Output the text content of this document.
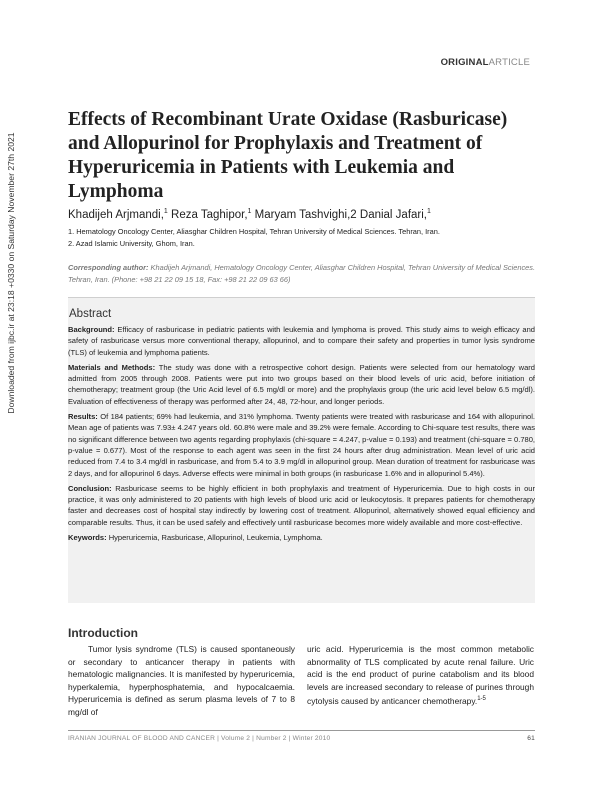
Downloaded from ijbc.ir at 23:18 +0330 on Saturday November 27th 2021
ORIGINALARTICLE
Effects of Recombinant Urate Oxidase (Rasburicase) and Allopurinol for Prophylaxis and Treatment of Hyperuricemia in Patients with Leukemia and Lymphoma
Khadijeh Arjmandi,$^1$ Reza Taghipor,$^1$ Maryam Tashvighi,2 Danial Jafari,$^1$
1. Hematology Oncology Center, Aliasghar Children Hospital, Tehran University of Medical Sciences. Tehran, Iran.
2. Azad Islamic University, Ghom, Iran.
Corresponding author: Khadijeh Arjmandi, Hematology Oncology Center, Aliasghar Children Hospital, Tehran University of Medical Sciences. Tehran, Iran. (Phone: +98 21 22 09 15 18, Fax: +98 21 22 09 63 66)
Abstract

Background: Efficacy of rasburicase in pediatric patients with leukemia and lymphoma is proved. This study aims to weigh efficacy and safety of rasburicase versus more conventional therapy, allopurinol, and to compare their safety and properties in tumor lysis syndrome (TLS) of leukemia and lymphoma patients.

Materials and Methods: The study was done with a retrospective cohort design. Patients were selected from our hematology ward admitted from 2005 through 2008. Patients were put into two groups based on their blood levels of uric acid, before initiation of chemotherapy; treatment group (the Uric Acid level of 6.5 mg/dl or more) and the prophylaxis group (the uric acid level below 6.5 mg/dl). Evaluation of effectiveness of therapy was performed after 24, 48, 72-hour, and longer periods.

Results: Of 184 patients; 69% had leukemia, and 31% lymphoma. Twenty patients were treated with rasburicase and 164 with allopurinol. Mean age of patients was 7.93± 4.247 years old. 60.8% were male and 39.2% were female. According to Chi-square test results, there was no significant difference between two agents regarding prophylaxis (chi-square = 4.247, p-value = 0.193) and treatment (chi-square = 0.780, p-value = 0.677). Most of the response to each agent was seen in the first 24 hours after drug administration. Mean level of uric acid reduced from 7.4 to 3.4 mg/dl in rasburicase, and from 5.4 to 3.9 mg/dl in allopurinol group. Mean duration of treatment for rasburicase was 2 days, and for allopurinol 6 days. Adverse effects were minimal in both groups (in rasburicase 1.6% and in allopurinol 5.4%).

Conclusion: Rasburicase seems to be highly efficient in both prophylaxis and treatment of Hyperuricemia. Due to high costs in our practice, it was only administered to 20 patients with high levels of blood uric acid or leukocytosis. It prepares patients for chemotherapy faster and decreases cost of hospital stay indirectly by lowering cost of treatment. Allopurinol, alternatively showed equal efficiency and comparable results. Thus, it can be used safely and effectively until rasburicase becomes more widely available and more cost-effective.

Keywords: Hyperuricemia, Rasburicase, Allopurinol, Leukemia, Lymphoma.

Introduction

Tumor lysis syndrome (TLS) is caused spontaneously or secondary to anticancer therapy in patients with hematologic malignancies. It is manifested by hyperuricemia, hyperkalemia, hyperphosphatemia, and hypocalcaemia. Hyperuricemia is defined as serum plasma levels of 7 to 8 mg/dl of

uric acid. Hyperuricemia is the most common metabolic abnormality of TLS complicated by acute renal failure. Uric acid is the end product of purine catabolism and its blood levels are increased secondary to release of purines through cytolysis caused by anticancer chemotherapy.$^{1-5}$

IRANIAN JOURNAL OF BLOOD AND CANCER | Volume 2 | Number 2 | Winter 2010	61
